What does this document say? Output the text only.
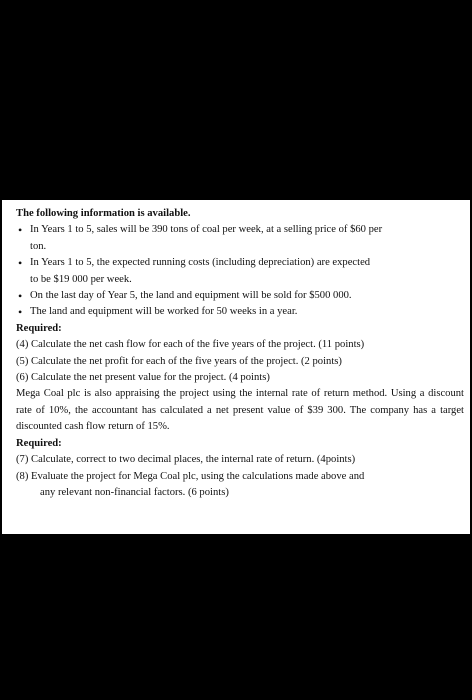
The following information is available.
• In Years 1 to 5, sales will be 390 tons of coal per week, at a selling price of $60 per
ton.
• In Years 1 to 5, the expected running costs (including depreciation) are expected
to be $19 000 per week.
• On the last day of Year 5, the land and equipment will be sold for $500 000.
• The land and equipment will be worked for 50 weeks in a year.
Required:
(4) Calculate the net cash flow for each of the five years of the project. (11 points)
(5) Calculate the net profit for each of the five years of the project. (2 points)
(6) Calculate the net present value for the project. (4 points)
Mega Coal plc is also appraising the project using the internal rate of return method. Using a discount rate of 10%, the accountant has calculated a net present value of $39 300. The company has a target discounted cash flow return of 15%.
Required:
(7) Calculate, correct to two decimal places, the internal rate of return. (4points)
(8) Evaluate the project for Mega Coal plc, using the calculations made above and
any relevant non-financial factors. (6 points)
